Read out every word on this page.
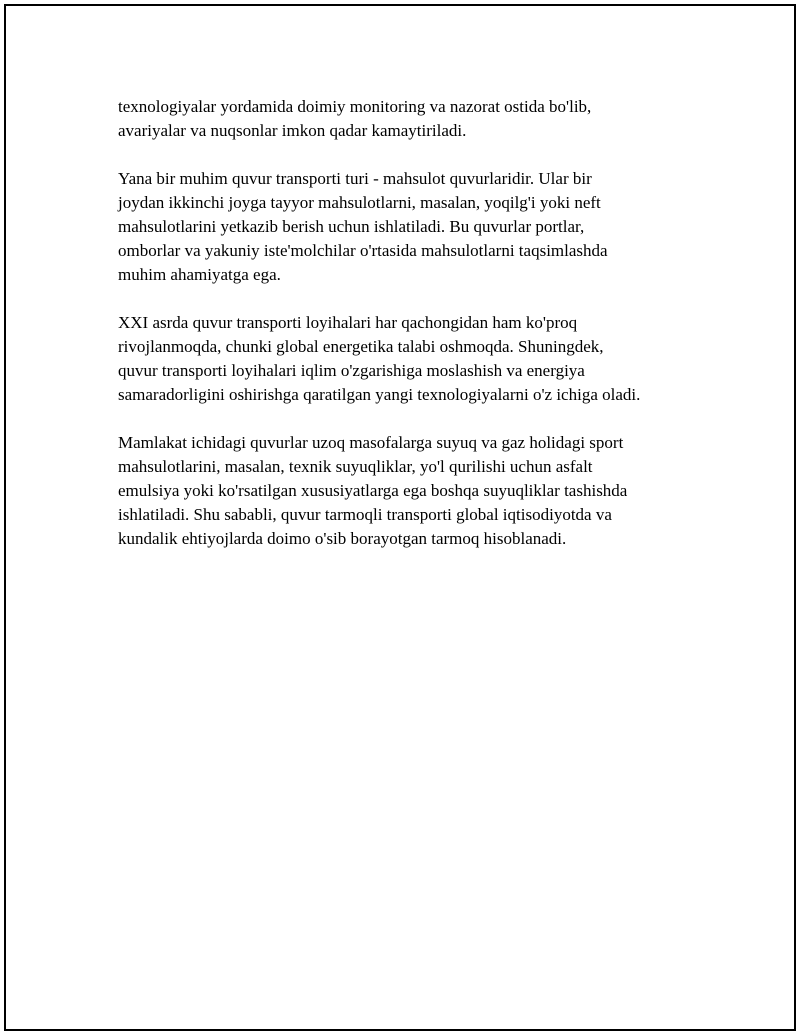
texnologiyalar yordamida doimiy monitoring va nazorat ostida bo'lib,
avariyalar va nuqsonlar imkon qadar kamaytiriladi.

Yana bir muhim quvur transporti turi - mahsulot quvurlaridir. Ular bir
joydan ikkinchi joyga tayyor mahsulotlarni, masalan, yoqilg'i yoki neft
mahsulotlarini yetkazib berish uchun ishlatiladi. Bu quvurlar portlar,
omborlar va yakuniy iste'molchilar o'rtasida mahsulotlarni taqsimlashda
muhim ahamiyatga ega.

XXI asrda quvur transporti loyihalari har qachongidan ham ko'proq
rivojlanmoqda, chunki global energetika talabi oshmoqda. Shuningdek,
quvur transporti loyihalari iqlim o'zgarishiga moslashish va energiya
samaradorligini oshirishga qaratilgan yangi texnologiyalarni o'z ichiga oladi.

Mamlakat ichidagi quvurlar uzoq masofalarga suyuq va gaz holidagi sport
mahsulotlarini, masalan, texnik suyuqliklar, yo'l qurilishi uchun asfalt
emulsiya yoki ko'rsatilgan xususiyatlarga ega boshqa suyuqliklar tashishda
ishlatiladi. Shu sababli, quvur tarmoqli transporti global iqtisodiyotda va
kundalik ehtiyojlarda doimo o'sib borayotgan tarmoq hisoblanadi.
